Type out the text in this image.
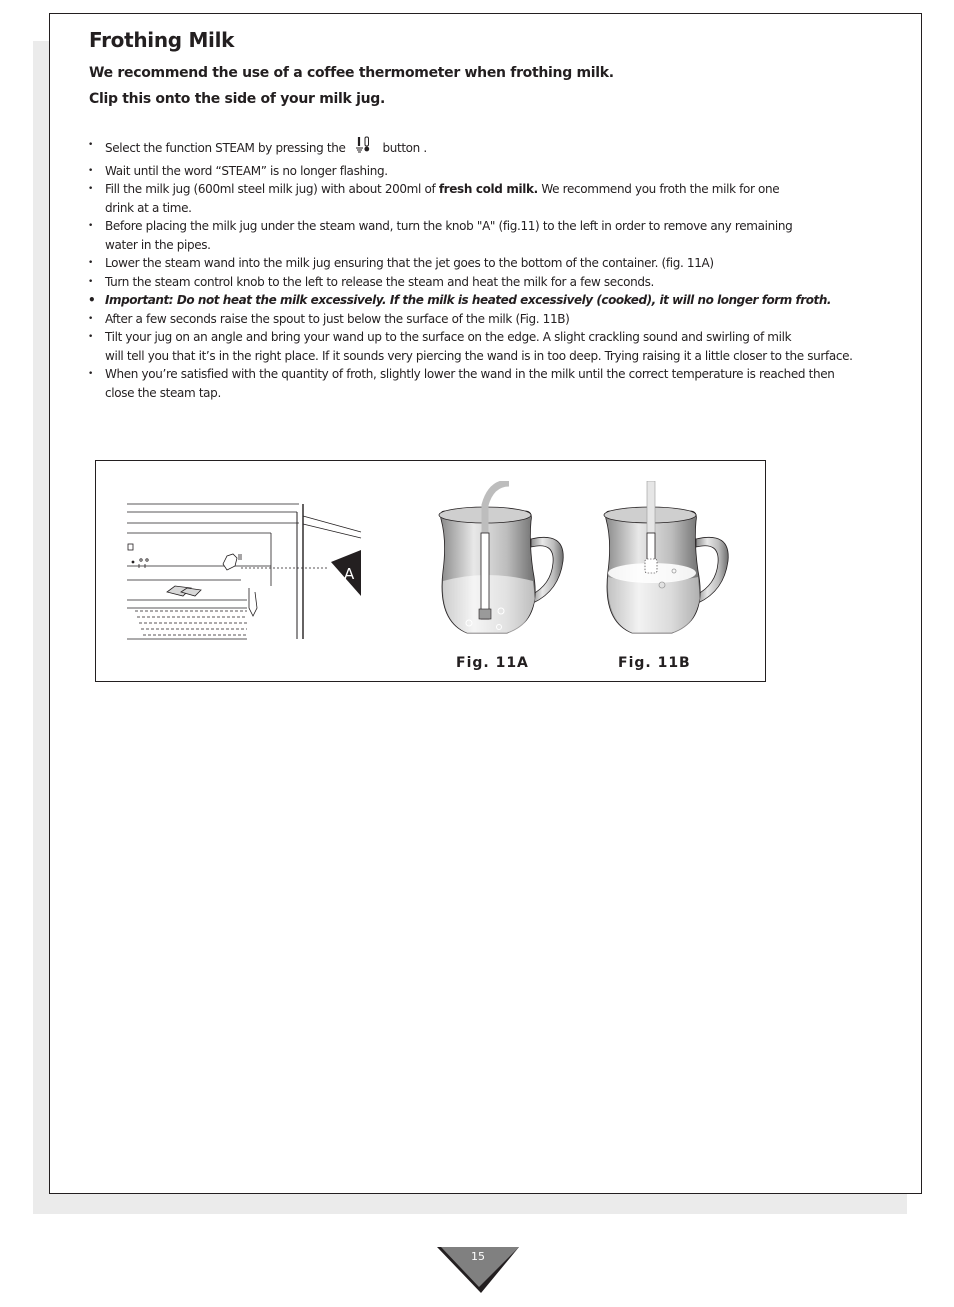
Frothing Milk

We recommend the use of a coffee thermometer when frothing milk.

Clip this onto the side of your milk jug.

• Select the function STEAM by pressing the	button .
• Wait until the word “STEAM” is no longer flashing.
• Fill the milk jug (600ml steel milk jug) with about 200ml of fresh cold milk. We recommend you froth the milk for one drink at a time.
• Before placing the milk jug under the steam wand, turn the knob "A" (fig.11) to the left in order to remove any remaining water in the pipes.
• Lower the steam wand into the milk jug ensuring that the jet goes to the bottom of the container. (fig. 11A)
• Turn the steam control knob to the left to release the steam and heat the milk for a few seconds.
• Important: Do not heat the milk excessively. If the milk is heated excessively (cooked), it will no longer form froth.
• After a few seconds raise the spout to just below the surface of the milk (Fig. 11B)
• Tilt your jug on an angle and bring your wand up to the surface on the edge. A slight crackling sound and swirling of milk
will tell you that it’s in the right place. If it sounds very piercing the wand is in too deep. Trying raising it a little closer to the surface.
• When you’re satisfied with the quantity of froth, slightly lower the wand in the milk until the correct temperature is reached then close the steam tap.
A
Fig. 11A	Fig. 11B
15
